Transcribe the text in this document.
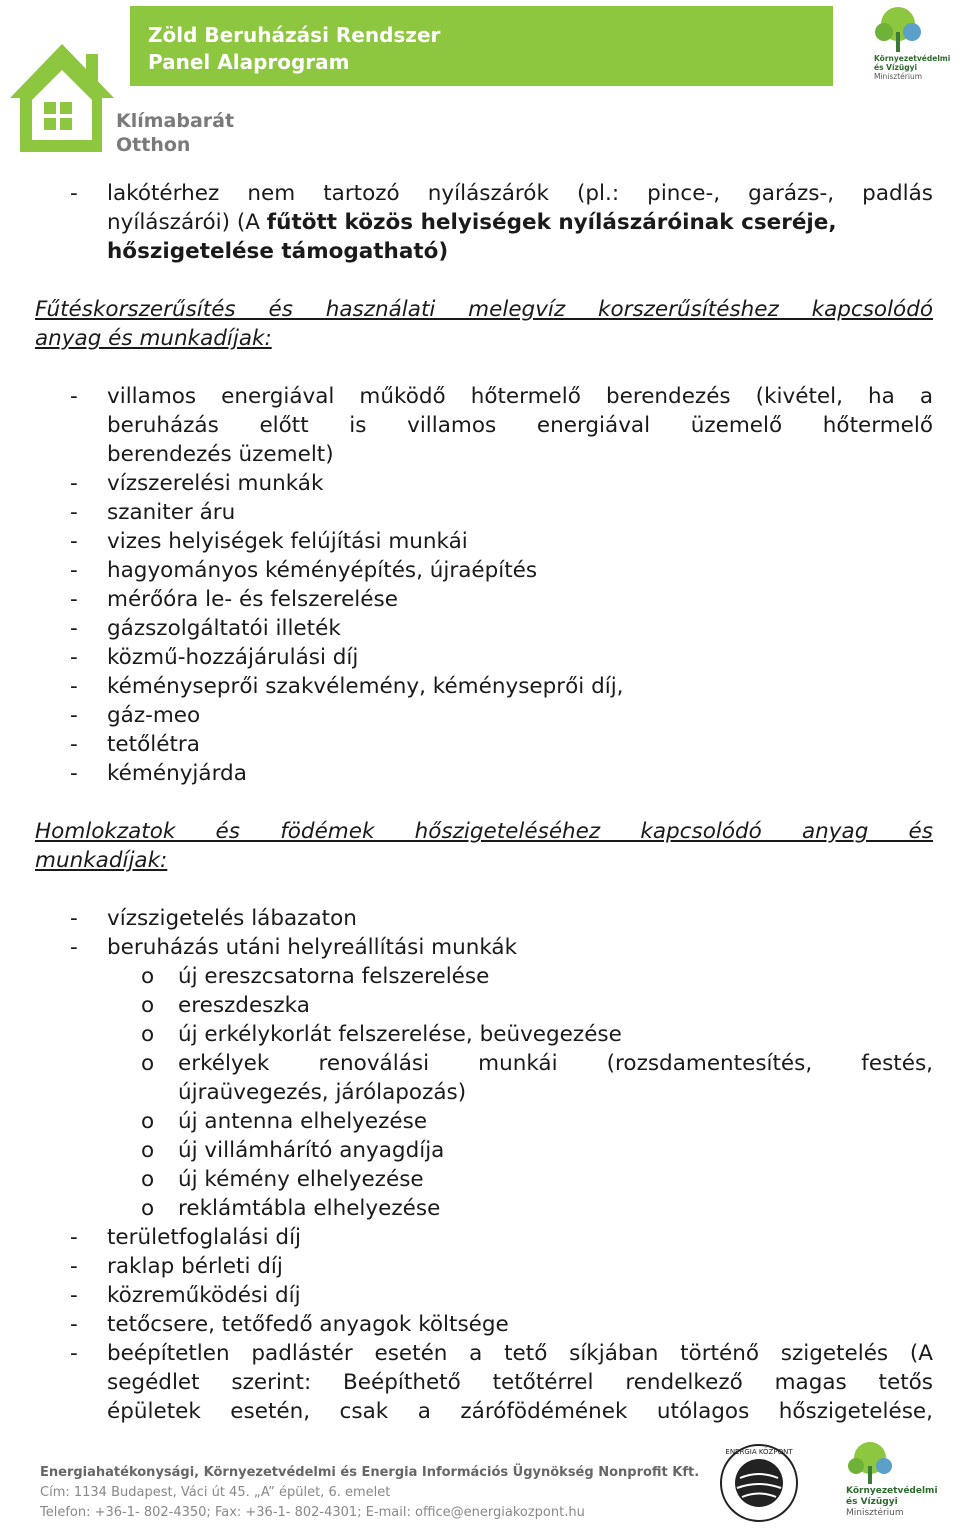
Klímabarát
Otthon
Zöld Beruházási Rendszer
Panel Alaprogram	Környezetvédelmi
és Vízügyi
Minisztérium
- lakótérhez nem tartozó nyílászárók (pl.: pince-, garázs-, padlás
nyílászárói) (A fűtött közös helyiségek nyílászáróinak cseréje,
hőszigetelése támogatható)
Fűtéskorszerűsítés és használati melegvíz korszerűsítéshez kapcsolódó
anyag és munkadíjak:
- villamos energiával működő hőtermelő berendezés (kivétel, ha a
beruházás előtt is villamos energiával üzemelő hőtermelő
berendezés üzemelt)
- vízszerelési munkák
- szaniter áru
- vizes helyiségek felújítási munkái
- hagyományos kéményépítés, újraépítés
- mérőóra le- és felszerelése
- gázszolgáltatói illeték
- közmű-hozzájárulási díj
- kéményseprői szakvélemény, kéményseprői díj,
- gáz-meo
- tetőlétra
- kéményjárda
Homlokzatok és födémek hőszigeteléséhez kapcsolódó anyag és
munkadíjak:
- vízszigetelés lábazaton
- beruházás utáni helyreállítási munkák
o új ereszcsatorna felszerelése
o ereszdeszka
o új erkélykorlát felszerelése, beüvegezése
o erkélyek renoválási munkái (rozsdamentesítés, festés,
újraüvegezés, járólapozás)
o új antenna elhelyezése
o új villámhárító anyagdíja
o új kémény elhelyezése
o reklámtábla elhelyezése
- területfoglalási díj
- raklap bérleti díj
- közreműködési díj
- tetőcsere, tetőfedő anyagok költsége
- beépítetlen padlástér esetén a tető síkjában történő szigetelés (A
segédlet szerint: Beépíthető tetőtérrel rendelkező magas tetős
épületek esetén, csak a zárófödémének utólagos hőszigetelése,
Energiahatékonysági, Környezetvédelmi és Energia Információs Ügynökség Nonprofit Kft.
Cím: 1134 Budapest, Váci út 45. „A” épület, 6. emelet
Telefon: +36-1- 802-4350; Fax: +36-1- 802-4301; E-mail: office@energiakozpont.hu
ENERGIA KÖZPONT
Környezetvédelmi
és Vízügyi
Minisztérium
